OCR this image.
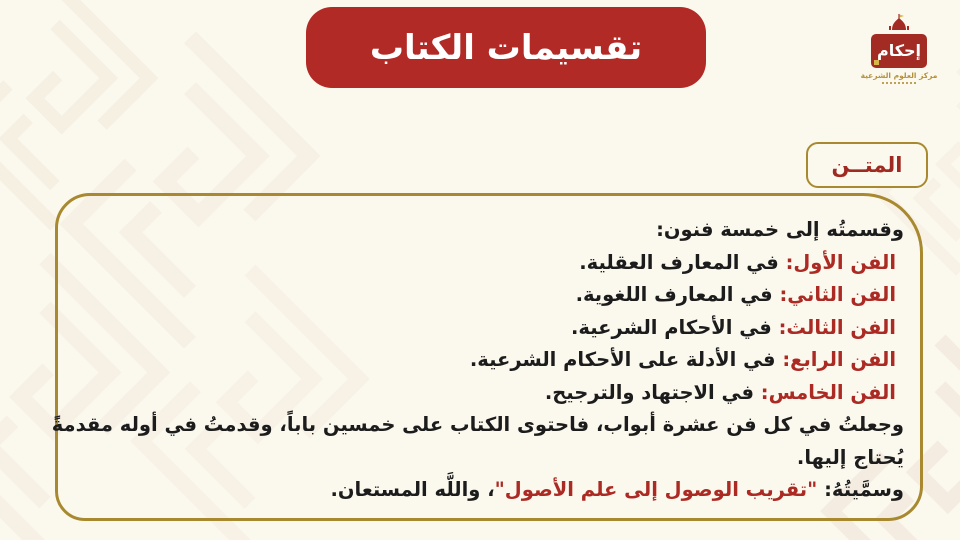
تقسيمات الكتاب	إحكام
مركز العلوم الشرعية
المتــن
وقسمتُه إلى خمسة فنون:
الفن الأول: في المعارف العقلية.
الفن الثاني: في المعارف اللغوية.
الفن الثالث: في الأحكام الشرعية.
الفن الرابع: في الأدلة على الأحكام الشرعية.
الفن الخامس: في الاجتهاد والترجيح.
وجعلتُ في كل فن عشرة أبواب، فاحتوى الكتاب على خمسين باباً، وقدمتُ في أوله مقدمةً
يُحتاج إليها.
وسمَّيتُهُ: "تقريب الوصول إلى علم الأصول"، واللَّه المستعان.
